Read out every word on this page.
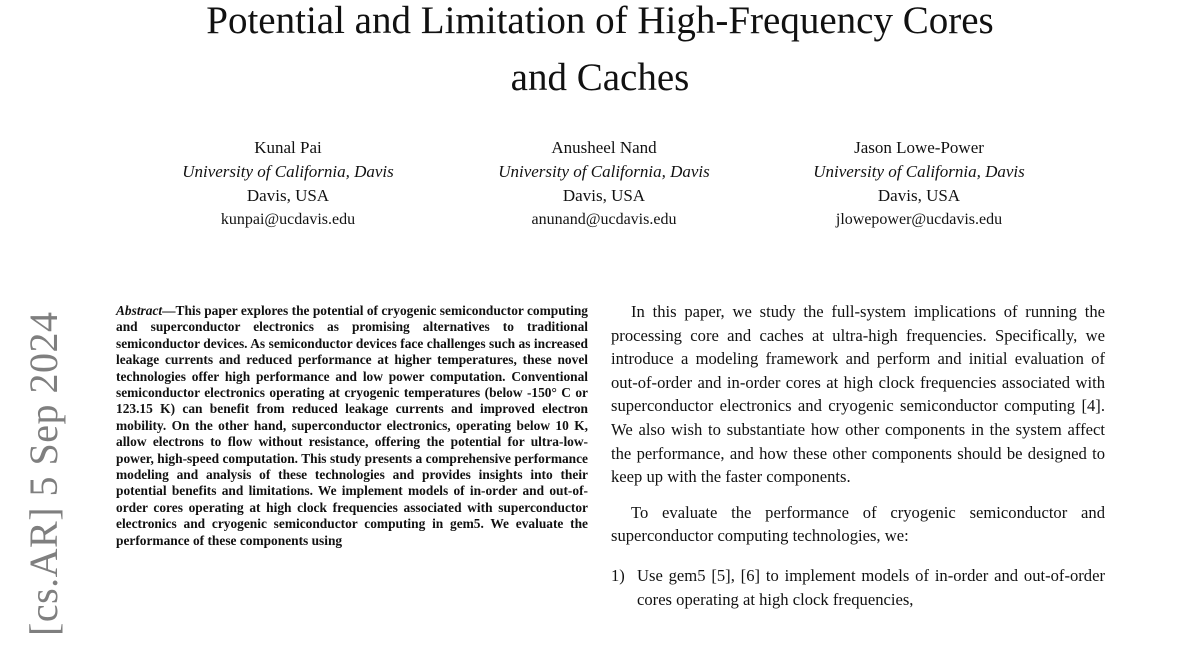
[cs.AR] 5 Sep 2024
Potential and Limitation of High-Frequency Cores
and Caches
Kunal Pai
University of California, Davis
Davis, USA
kunpai@ucdavis.edu
Anusheel Nand
University of California, Davis
Davis, USA
anunand@ucdavis.edu
Jason Lowe-Power
University of California, Davis
Davis, USA
jlowepower@ucdavis.edu
Abstract—This paper explores the potential of cryogenic semiconductor computing and superconductor electronics as promising alternatives to traditional semiconductor devices. As semiconductor devices face challenges such as increased leakage currents and reduced performance at higher temperatures, these novel technologies offer high performance and low power computation. Conventional semiconductor electronics operating at cryogenic temperatures (below -150° C or 123.15 K) can benefit from reduced leakage currents and improved electron mobility. On the other hand, superconductor electronics, operating below 10 K, allow electrons to flow without resistance, offering the potential for ultra-low-power, high-speed computation. This study presents a comprehensive performance modeling and analysis of these technologies and provides insights into their potential benefits and limitations. We implement models of in-order and out-of-order cores operating at high clock frequencies associated with superconductor electronics and cryogenic semiconductor computing in gem5. We evaluate the performance of these components using

In this paper, we study the full-system implications of running the processing core and caches at ultra-high frequencies. Specifically, we introduce a modeling framework and perform and initial evaluation of out-of-order and in-order cores at high clock frequencies associated with superconductor electronics and cryogenic semiconductor computing [4]. We also wish to substantiate how other components in the system affect the performance, and how these other components should be designed to keep up with the faster components.

To evaluate the performance of cryogenic semiconductor and superconductor computing technologies, we:

1) Use gem5 [5], [6] to implement models of in-order and out-of-order cores operating at high clock frequencies,
